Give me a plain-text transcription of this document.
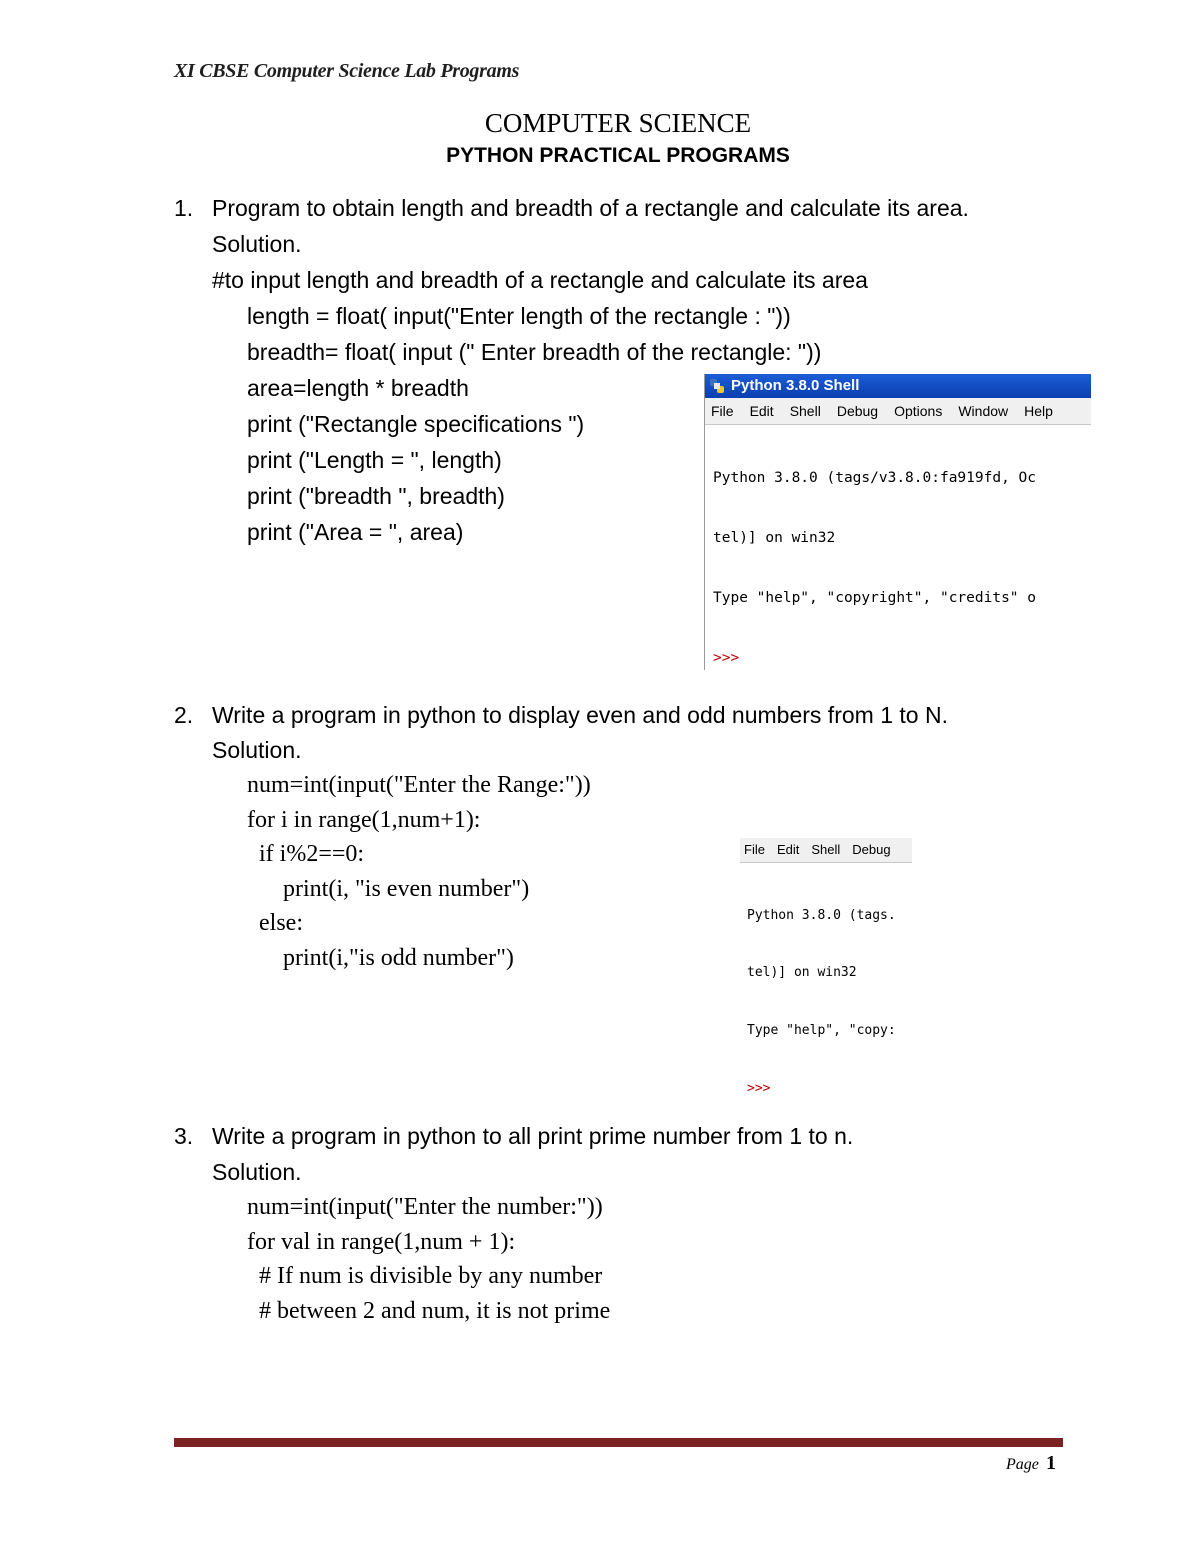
XI CBSE Computer Science Lab Programs
COMPUTER SCIENCE
PYTHON PRACTICAL PROGRAMS
1. Program to obtain length and breadth of a rectangle and calculate its area.
Solution.
#to input length and breadth of a rectangle and calculate its area
length = float( input("Enter length of the rectangle : "))
breadth= float( input (" Enter breadth of the rectangle: "))
area=length * breadth
print ("Rectangle specifications ")
print ("Length = ", length)
print ("breadth ", breadth)
print ("Area = ", area)
Python 3.8.0 Shell
File Edit Shell Debug Options Window Help

Python 3.8.0 (tags/v3.8.0:fa919fd, Oc

tel)] on win32

Type "help", "copyright", "credits" o

>>>

2. Write a program in python to display even and odd numbers from 1 to N.
Solution.
num=int(input("Enter the Range:"))
for i in range(1,num+1):
if i%2==0:
print(i, "is even number")
else:
print(i,"is odd number")
File Edit Shell Debug

Python 3.8.0 (tags.

tel)] on win32

Type "help", "copy:

>>>

3. Write a program in python to all print prime number from 1 to n.
Solution.
num=int(input("Enter the number:"))
for val in range(1,num + 1):
# If num is divisible by any number
# between 2 and num, it is not prime
Page 1
